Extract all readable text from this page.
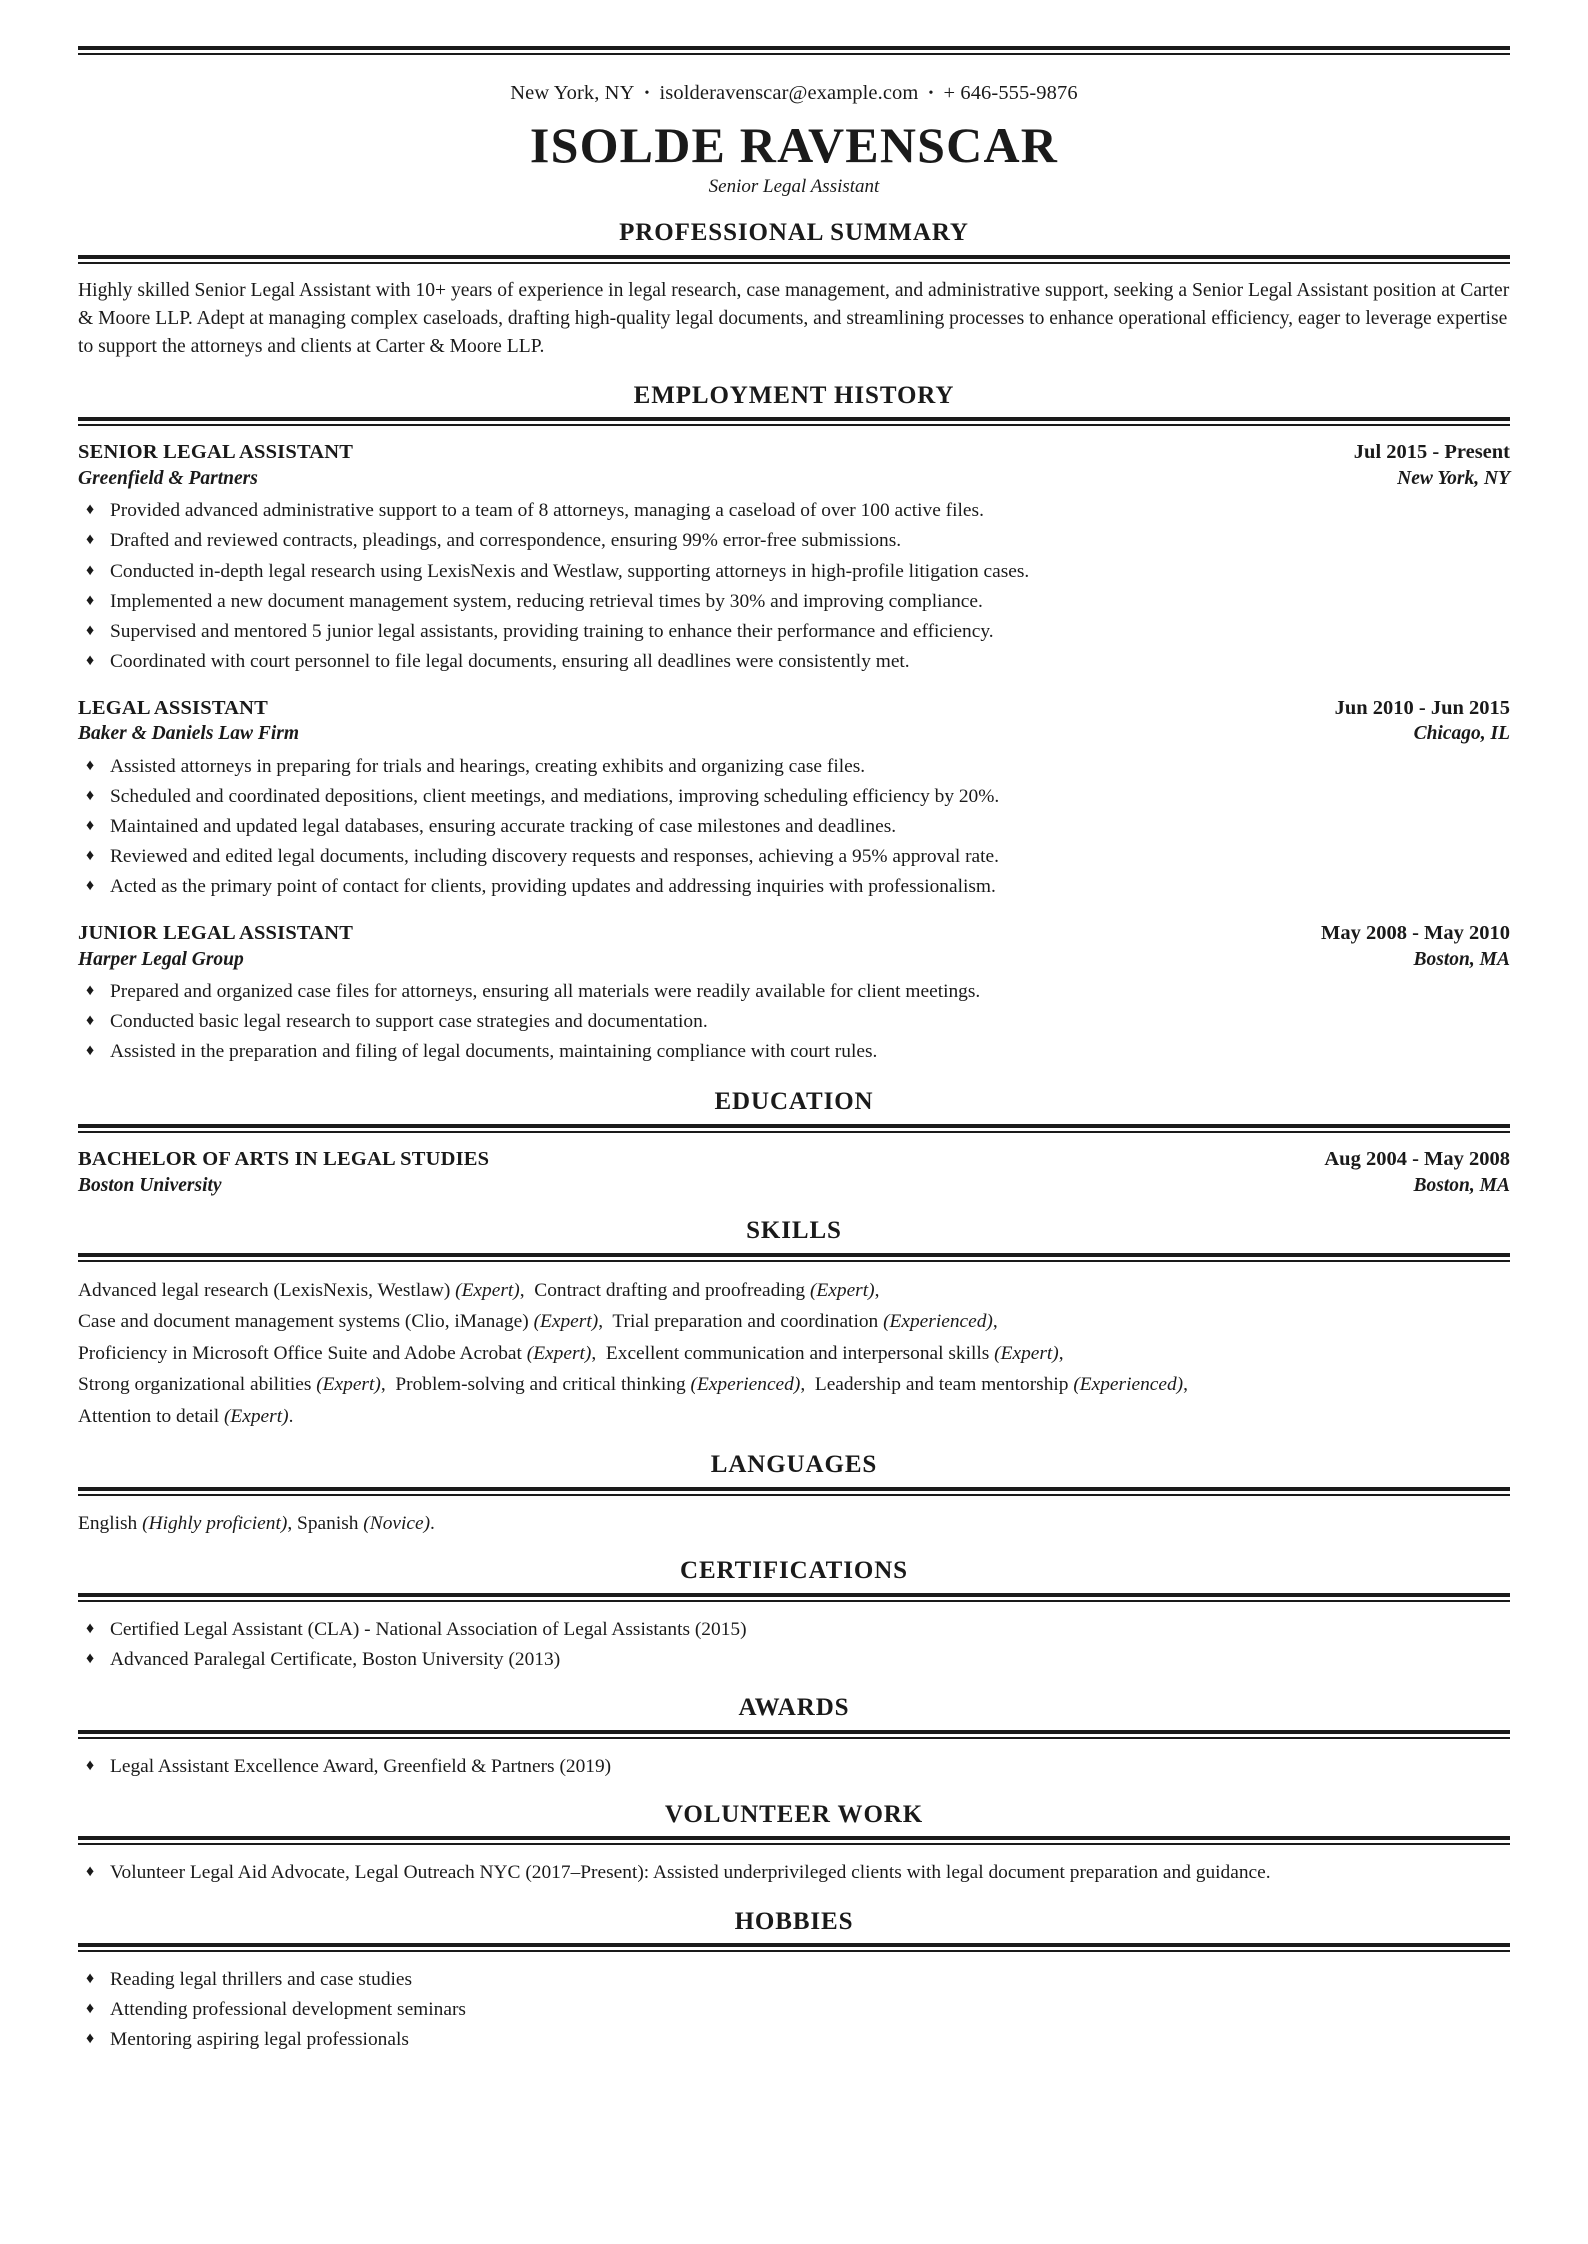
New York, NY • isolderavenscar@example.com • + 646-555-9876
ISOLDE RAVENSCAR
Senior Legal Assistant
PROFESSIONAL SUMMARY
Highly skilled Senior Legal Assistant with 10+ years of experience in legal research, case management, and administrative support, seeking a Senior Legal Assistant position at Carter & Moore LLP. Adept at managing complex caseloads, drafting high-quality legal documents, and streamlining processes to enhance operational efficiency, eager to leverage expertise to support the attorneys and clients at Carter & Moore LLP.
EMPLOYMENT HISTORY
SENIOR LEGAL ASSISTANT	Jul 2015 - Present
Greenfield & Partners	New York, NY
♦ Provided advanced administrative support to a team of 8 attorneys, managing a caseload of over 100 active files.
♦ Drafted and reviewed contracts, pleadings, and correspondence, ensuring 99% error-free submissions.
♦ Conducted in-depth legal research using LexisNexis and Westlaw, supporting attorneys in high-profile litigation cases.
♦ Implemented a new document management system, reducing retrieval times by 30% and improving compliance.
♦ Supervised and mentored 5 junior legal assistants, providing training to enhance their performance and efficiency.
♦ Coordinated with court personnel to file legal documents, ensuring all deadlines were consistently met.
LEGAL ASSISTANT	Jun 2010 - Jun 2015
Baker & Daniels Law Firm	Chicago, IL
♦ Assisted attorneys in preparing for trials and hearings, creating exhibits and organizing case files.
♦ Scheduled and coordinated depositions, client meetings, and mediations, improving scheduling efficiency by 20%.
♦ Maintained and updated legal databases, ensuring accurate tracking of case milestones and deadlines.
♦ Reviewed and edited legal documents, including discovery requests and responses, achieving a 95% approval rate.
♦ Acted as the primary point of contact for clients, providing updates and addressing inquiries with professionalism.
JUNIOR LEGAL ASSISTANT	May 2008 - May 2010
Harper Legal Group	Boston, MA
♦ Prepared and organized case files for attorneys, ensuring all materials were readily available for client meetings.
♦ Conducted basic legal research to support case strategies and documentation.
♦ Assisted in the preparation and filing of legal documents, maintaining compliance with court rules.
EDUCATION
BACHELOR OF ARTS IN LEGAL STUDIES	Aug 2004 - May 2008
Boston University	Boston, MA
SKILLS
Advanced legal research (LexisNexis, Westlaw) (Expert),  Contract drafting and proofreading (Expert),
Case and document management systems (Clio, iManage) (Expert),  Trial preparation and coordination (Experienced),
Proficiency in Microsoft Office Suite and Adobe Acrobat (Expert),  Excellent communication and interpersonal skills (Expert),
Strong organizational abilities (Expert),  Problem-solving and critical thinking (Experienced),  Leadership and team mentorship (Experienced),
Attention to detail (Expert).
LANGUAGES
English (Highly proficient), Spanish (Novice).
CERTIFICATIONS
♦ Certified Legal Assistant (CLA) - National Association of Legal Assistants (2015)
♦ Advanced Paralegal Certificate, Boston University (2013)
AWARDS
♦ Legal Assistant Excellence Award, Greenfield & Partners (2019)
VOLUNTEER WORK
♦ Volunteer Legal Aid Advocate, Legal Outreach NYC (2017–Present): Assisted underprivileged clients with legal document preparation and guidance.
HOBBIES
♦ Reading legal thrillers and case studies
♦ Attending professional development seminars
♦ Mentoring aspiring legal professionals
